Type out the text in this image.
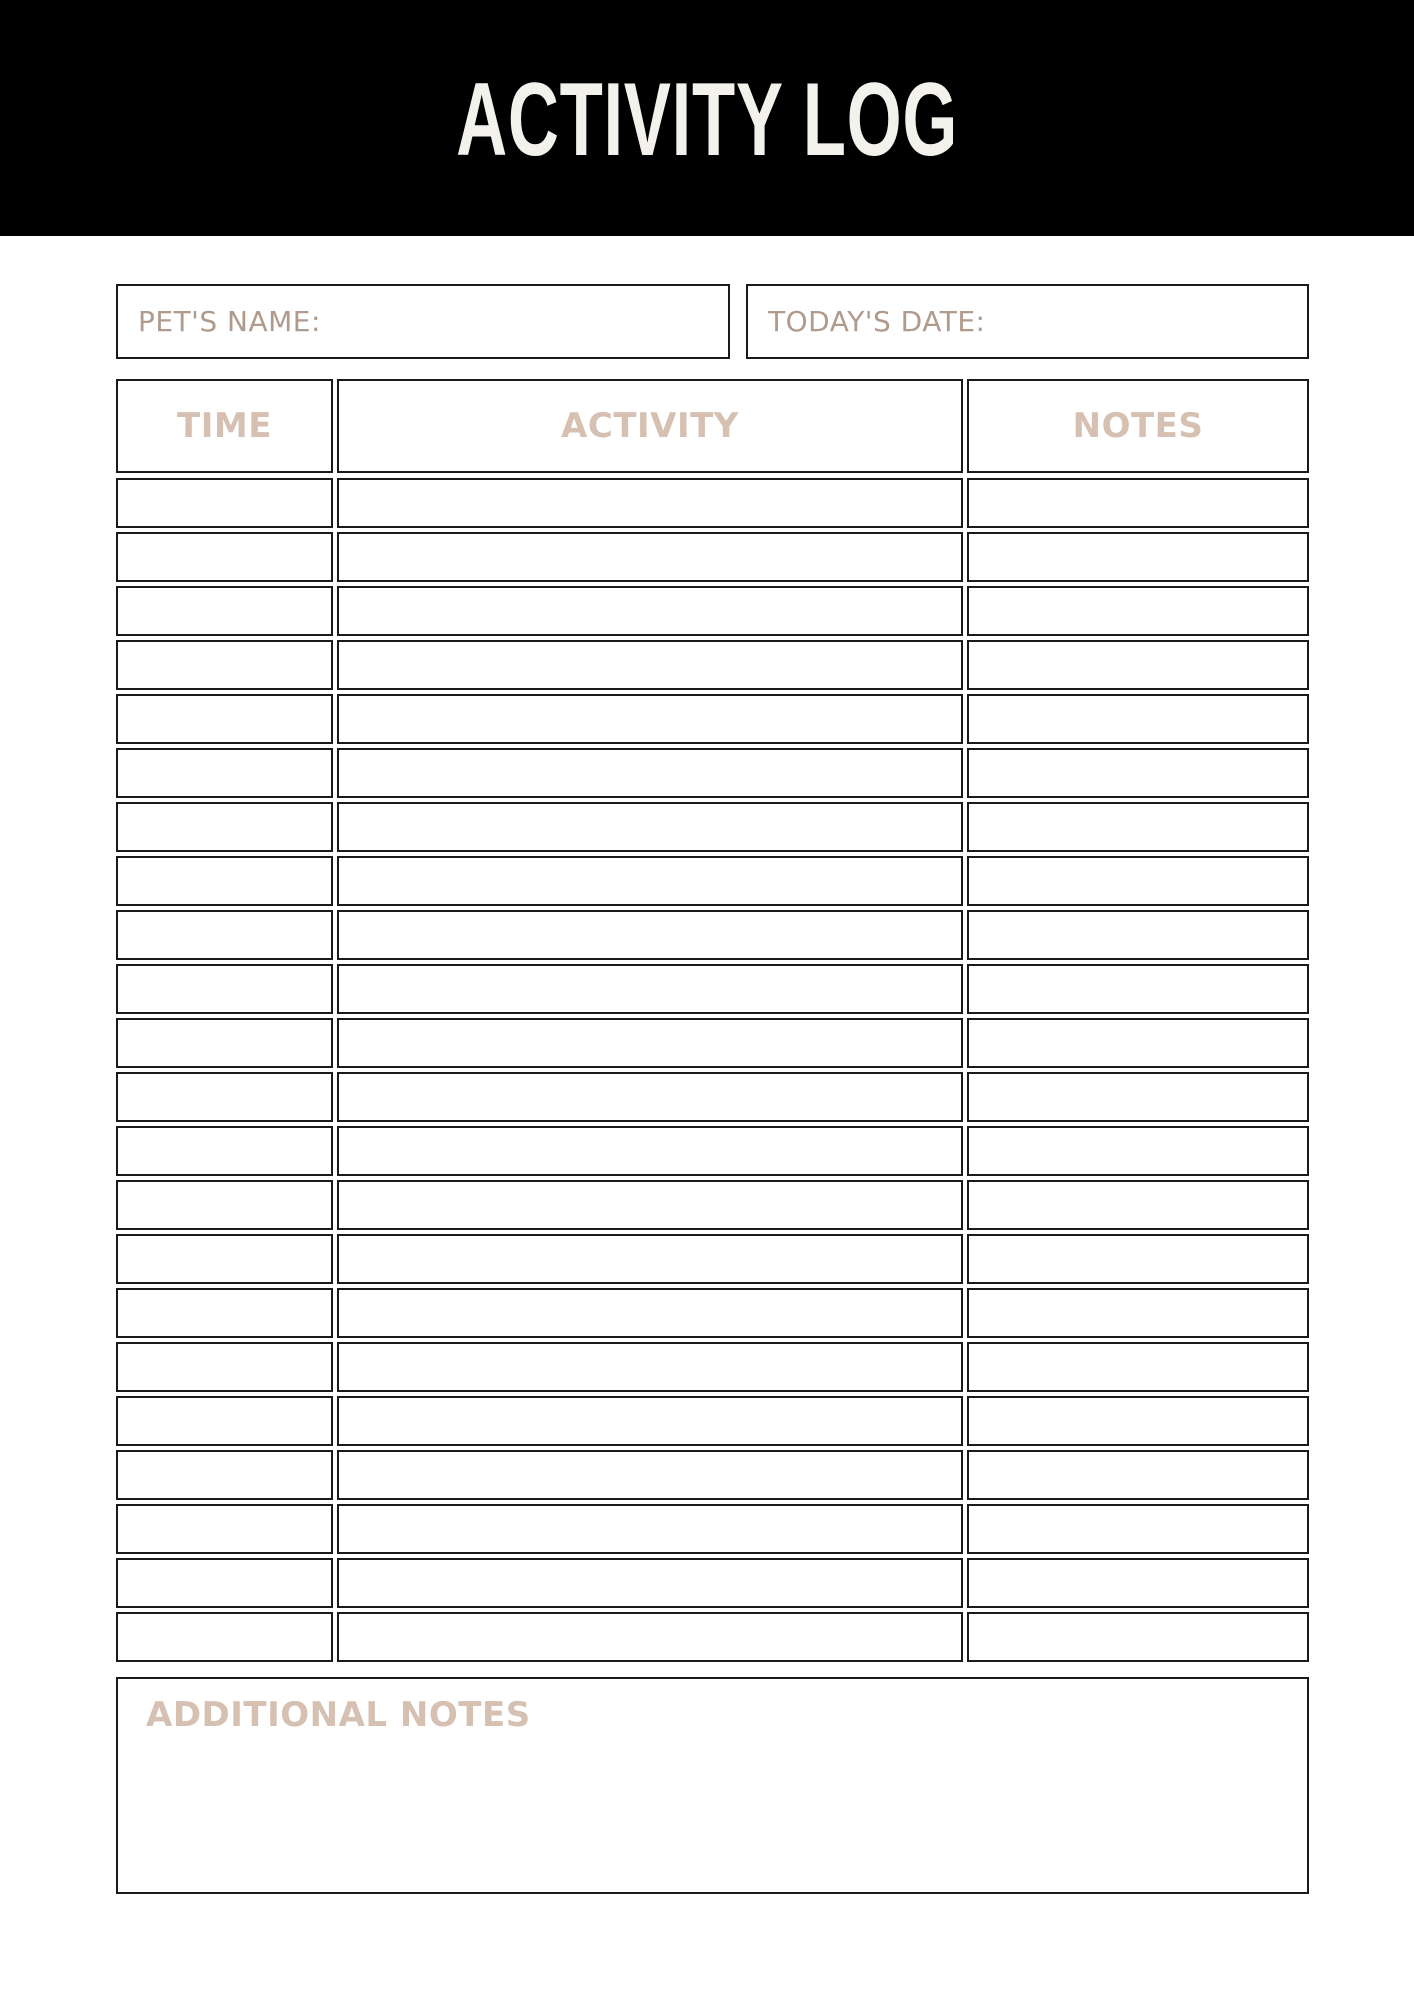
ACTIVITY LOG
PET'S NAME:	TODAY'S DATE:
TIME	ACTIVITY	NOTES
ADDITIONAL NOTES
